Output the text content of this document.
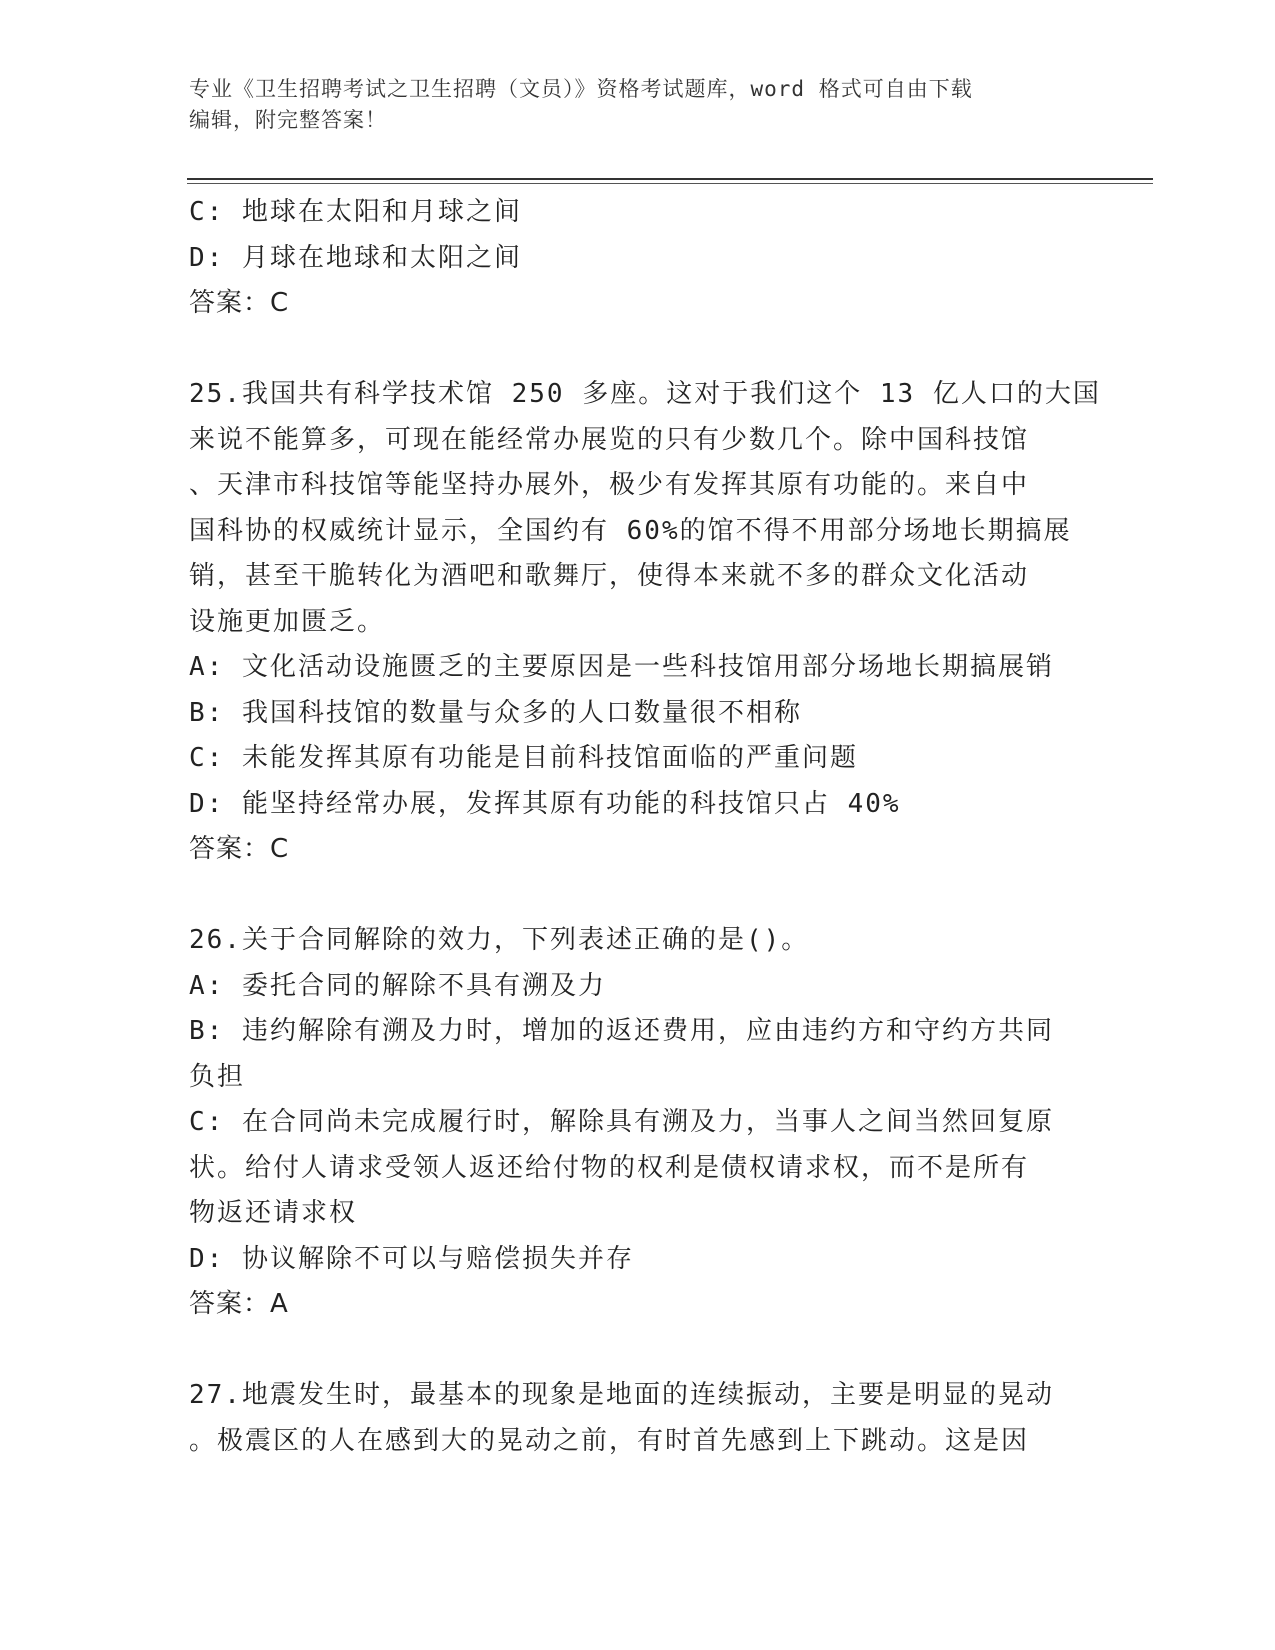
专业《卫生招聘考试之卫生招聘（文员）》资格考试题库，word 格式可自由下载
编辑，附完整答案！
C: 地球在太阳和月球之间
D: 月球在地球和太阳之间
答案：C
25.我国共有科学技术馆 250 多座。这对于我们这个 13 亿人口的大国
来说不能算多，可现在能经常办展览的只有少数几个。除中国科技馆
、天津市科技馆等能坚持办展外，极少有发挥其原有功能的。来自中
国科协的权威统计显示，全国约有 60%的馆不得不用部分场地长期搞展
销，甚至干脆转化为酒吧和歌舞厅，使得本来就不多的群众文化活动
设施更加匮乏。
A: 文化活动设施匮乏的主要原因是一些科技馆用部分场地长期搞展销
B: 我国科技馆的数量与众多的人口数量很不相称
C: 未能发挥其原有功能是目前科技馆面临的严重问题
D: 能坚持经常办展，发挥其原有功能的科技馆只占 40%
答案：C
26.关于合同解除的效力，下列表述正确的是()。
A: 委托合同的解除不具有溯及力
B: 违约解除有溯及力时，增加的返还费用，应由违约方和守约方共同
负担
C: 在合同尚未完成履行时，解除具有溯及力，当事人之间当然回复原
状。给付人请求受领人返还给付物的权利是债权请求权，而不是所有
物返还请求权
D: 协议解除不可以与赔偿损失并存
答案：A
27.地震发生时，最基本的现象是地面的连续振动，主要是明显的晃动
。极震区的人在感到大的晃动之前，有时首先感到上下跳动。这是因
